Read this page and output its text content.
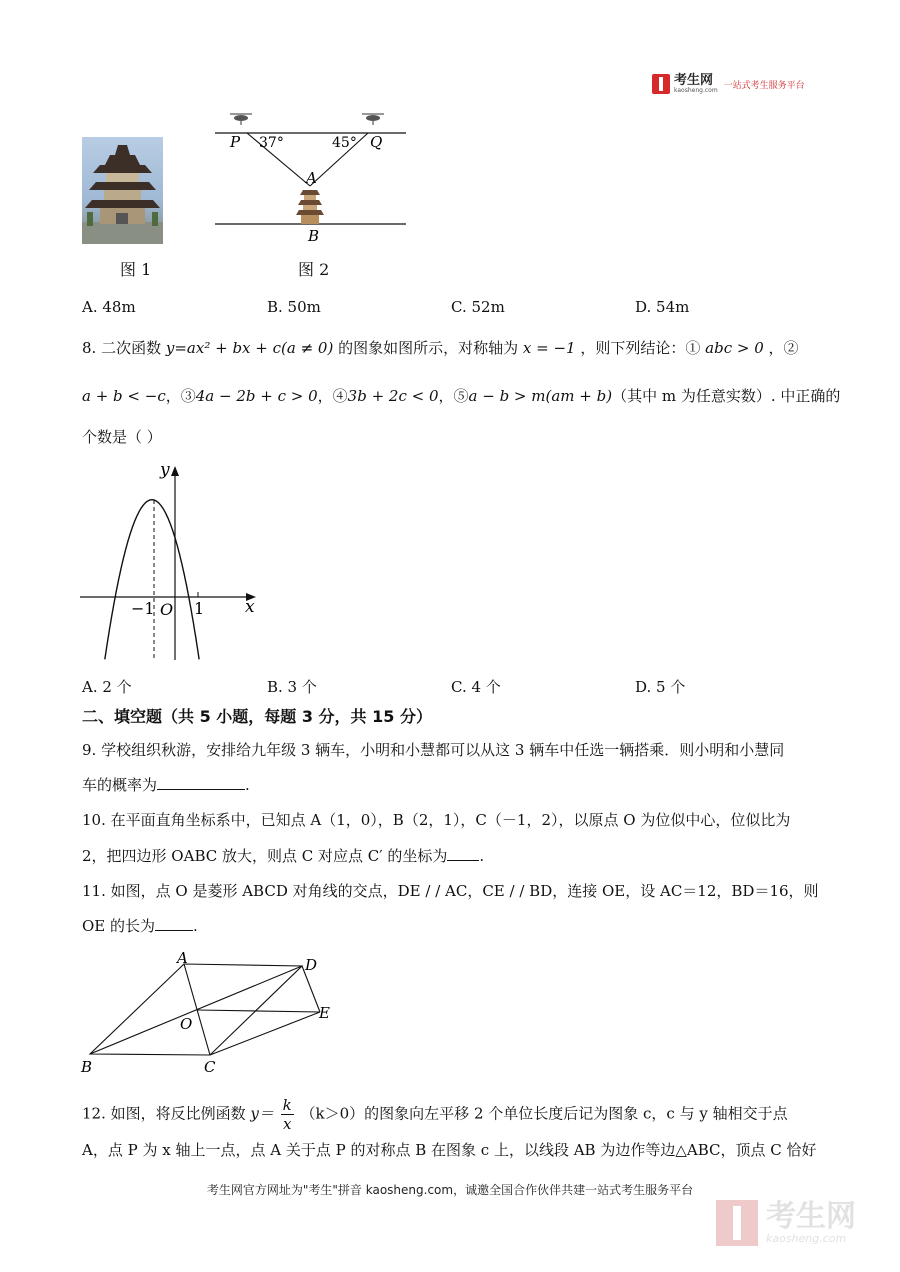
考生网
kaosheng.com 一站式考生服务平台
图 1
P 37°	45° Q
A
B
图 2
A. 48m	B. 50m	C. 52m	D. 54m
8. 二次函数 y=ax² + bx + c(a ≠ 0) 的图象如图所示，对称轴为 x = −1 ，则下列结论：① abc > 0 ，②
a + b < −c，③4a − 2b + c > 0，④3b + 2c < 0，⑤a − b > m(am + b)（其中 m 为任意实数）. 中正确的
个数是（ ）
y
x
−1 O 1
A. 2 个	B. 3 个	C. 4 个	D. 5 个
二、填空题（共 5 小题，每题 3 分，共 15 分）
9. 学校组织秋游，安排给九年级 3 辆车，小明和小慧都可以从这 3 辆车中任选一辆搭乘．则小明和小慧同
车的概率为	.
10. 在平面直角坐标系中，已知点 A（1，0），B（2，1），C（－1，2），以原点 O 为位似中心，位似比为
2，把四边形 OABC 放大，则点 C 对应点 C′ 的坐标为 .
11. 如图，点 O 是菱形 ABCD 对角线的交点，DE / / AC，CE / / BD，连接 OE，设 AC＝12，BD＝16，则
OE 的长为	.
A	D
E
O
B	C
12. 如图，将反比例函数 $y= \frac{k}{x} (k>0)$的图象向左平移 2 个单位长度后记为图象 c，c 与 y 轴相交于点
A，点 P 为 x 轴上一点，点 A 关于点 P 的对称点 B 在图象 c 上，以线段 AB 为边作等边△ABC，顶点 C 恰好
考生网官方网址为"考生"拼音 kaosheng.com，诚邀全国合作伙伴共建一站式考生服务平台
考生网
kaosheng.com
